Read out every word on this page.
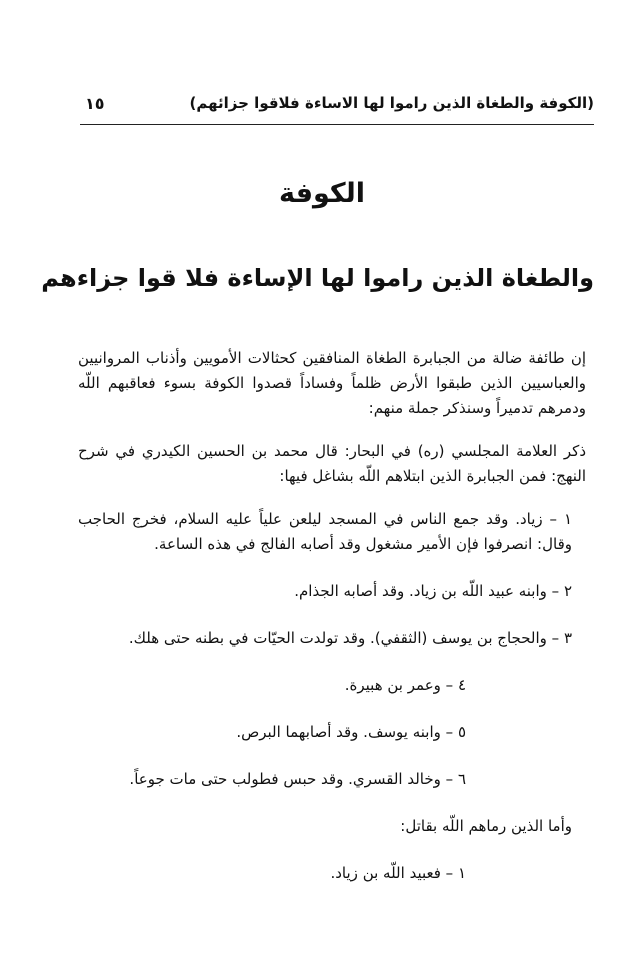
(الكوفة والطغاة الذين راموا لها الاساءة فلاقوا جزائهم)
١٥
الكوفة
والطغاة الذين راموا لها الإساءة فلا قوا جزاءهم

إن طائفة ضالة من الجبابرة الطغاة المنافقين كحثالات الأمويين وأذناب المروانيين والعباسيين الذين طبقوا الأرض ظلماً وفساداً قصدوا الكوفة بسوء فعاقبهم اللّه ودمرهم تدميراً وسنذكر جملة منهم:

ذكر العلامة المجلسي (ره) في البحار: قال محمد بن الحسين الكيدري في شرح النهج: فمن الجبابرة الذين ابتلاهم اللّه بشاغل فيها:

١ – زياد. وقد جمع الناس في المسجد ليلعن علياً عليه السلام، فخرج الحاجب وقال: انصرفوا فإن الأمير مشغول وقد أصابه الفالج في هذه الساعة.

٢ – وابنه عبيد اللّه بن زياد. وقد أصابه الجذام.

٣ – والحجاج بن يوسف (الثقفي). وقد تولدت الحيّات في بطنه حتى هلك.

٤ – وعمر بن هبيرة.

٥ – وابنه يوسف. وقد أصابهما البرص.

٦ – وخالد القسري. وقد حبس فطولب حتى مات جوعاً.

وأما الذين رماهم اللّه بقاتل:

١ – فعبيد اللّه بن زياد.
